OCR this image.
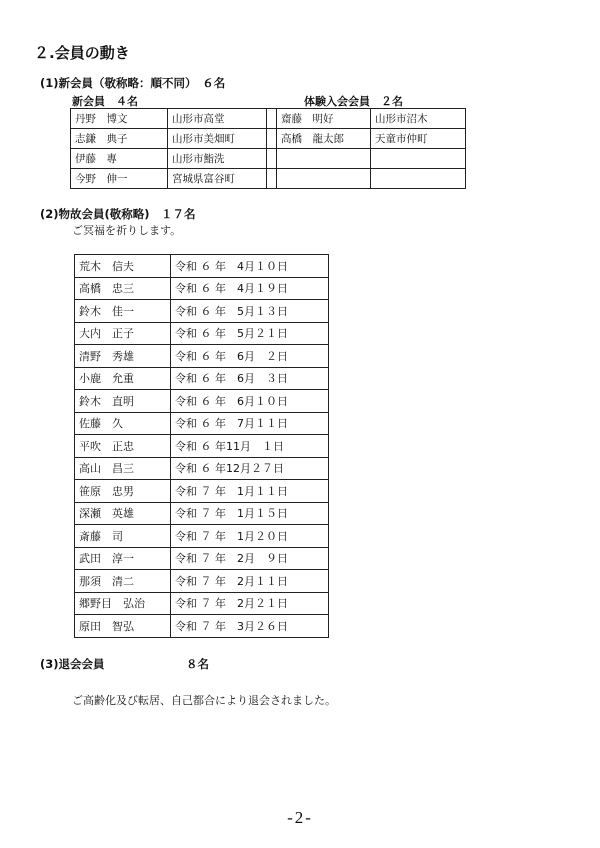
２.会員の動き
(1)新会員（敬称略：順不同）　６名
新会員　４名	体験入会会員　２名
丹野　博文	山形市高堂		齋藤　明好	山形市沼木
志鎌　典子	山形市美畑町		高橋　龍太郎	天童市仲町
伊藤　專	山形市鮨洗			
今野　伸一	宮城県富谷町			
(2)物故会員(敬称略)　１７名
ご冥福を祈りします。
荒木　信夫	令和 ６ 年　4月１０日
高橋　忠三	令和 ６ 年　4月１９日
鈴木　佳一	令和 ６ 年　5月１３日
大内　正子	令和 ６ 年　5月２１日
清野　秀雄	令和 ６ 年　6月　２日
小鹿　允重	令和 ６ 年　6月　３日
鈴木　直明	令和 ６ 年　6月１０日
佐藤　久	令和 ６ 年　7月１１日
平吹　正忠	令和 ６ 年11月　１日
高山　昌三	令和 ６ 年12月２７日
笹原　忠男	令和 ７ 年　1月１１日
深瀬　英雄	令和 ７ 年　1月１５日
斎藤　司	令和 ７ 年　1月２０日
武田　淳一	令和 ７ 年　2月　９日
那須　清二	令和 ７ 年　2月１１日
郷野目　弘治	令和 ７ 年　2月２１日
原田　智弘	令和 ７ 年　3月２６日
(3)退会会員	８名
ご高齢化及び転居、自己都合により退会されました。
-2-
